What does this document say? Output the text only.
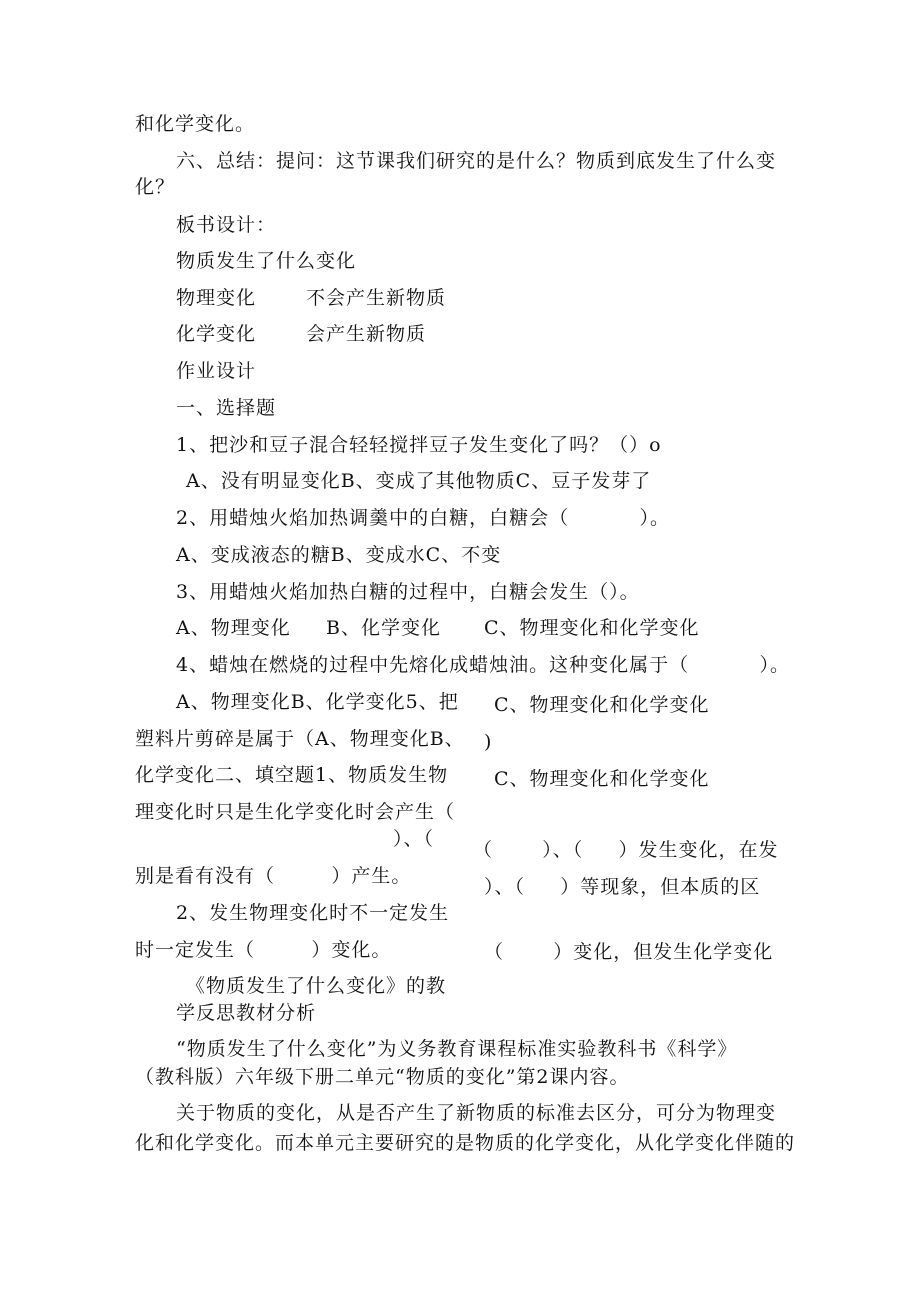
和化学变化。
六、总结：提问：这节课我们研究的是什么？物质到底发生了什么变
化？
板书设计：
物质发生了什么变化
物理变化	不会产生新物质
化学变化	会产生新物质
作业设计
一、选择题
1、把沙和豆子混合轻轻搅拌豆子发生变化了吗？（）o
A、没有明显变化B、变成了其他物质C、豆子发芽了
2、用蜡烛火焰加热调羹中的白糖，白糖会（          ）。
A、变成液态的糖B、变成水C、不变
3、用蜡烛火焰加热白糖的过程中，白糖会发生（）。
A、物理变化 B、化学变化 C、物理变化和化学变化
4、蜡烛在燃烧的过程中先熔化成蜡烛油。这种变化属于（          ）。
A、物理变化B、化学变化5、把
塑料片剪碎是属于（A、物理变化B、
化学变化二、填空题1、物质发生物
理变化时只是生化学变化时会产生（
）、（
别是看有没有（        ）产生。
2、发生物理变化时不一定发生
时一定发生（        ）变化。
《物质发生了什么变化》的教
学反思教材分析
C、物理变化和化学变化
)
C、物理变化和化学变化
（       ）、（     ）发生变化，在发
）、（     ）等现象，但本质的区
（       ）变化，但发生化学变化
“物质发生了什么变化”为义务教育课程标准实验教科书《科学》
（教科版）六年级下册二单元“物质的变化”第2课内容。
关于物质的变化，从是否产生了新物质的标准去区分，可分为物理变
化和化学变化。而本单元主要研究的是物质的化学变化，从化学变化伴随的
